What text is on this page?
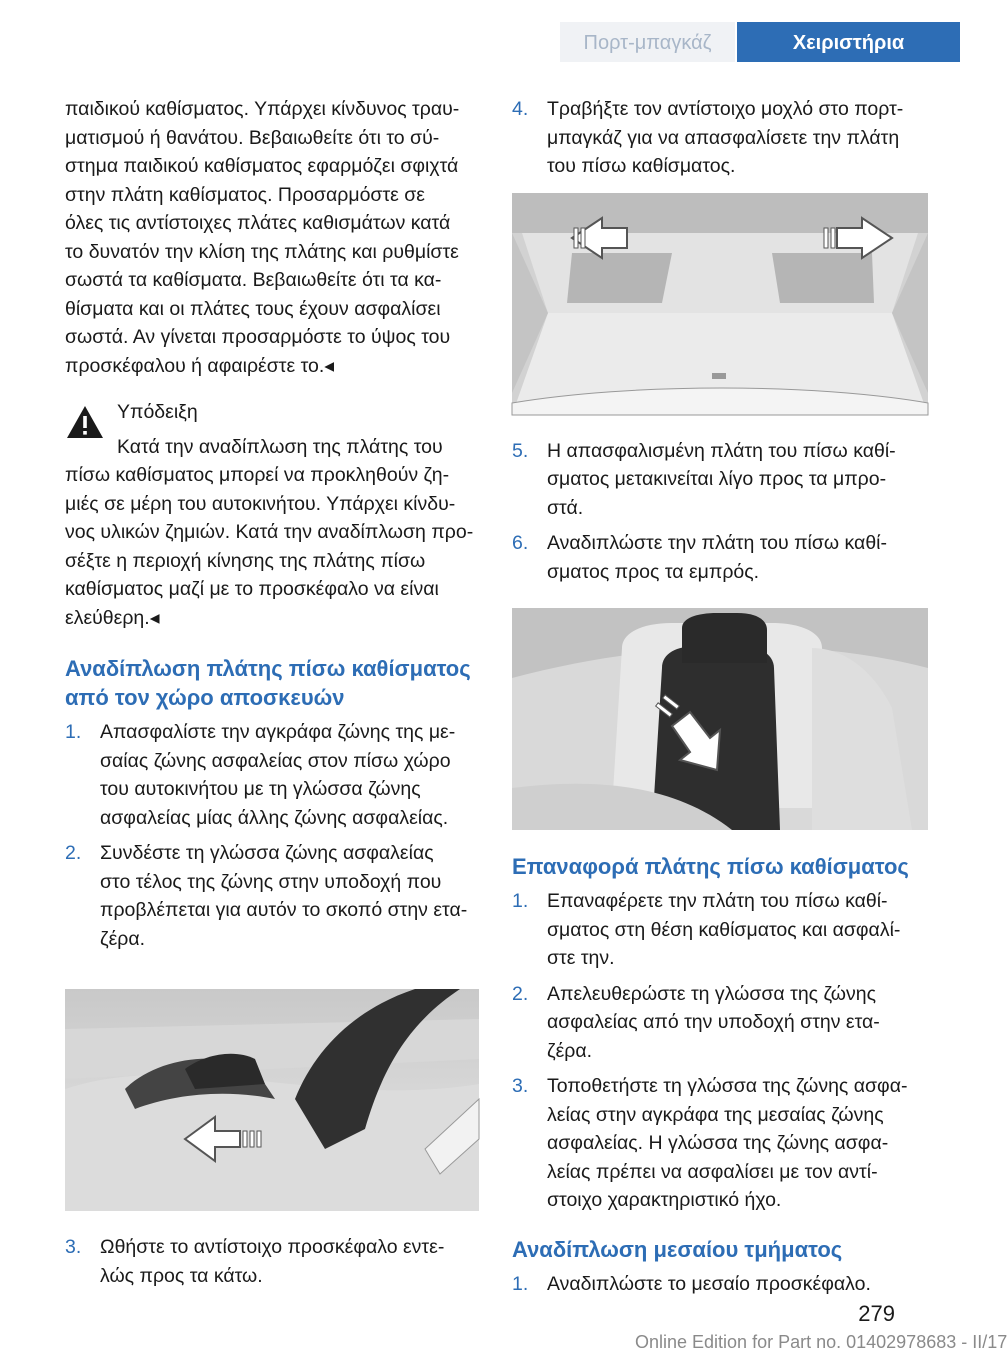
Πορτ-μπαγκάζ	Χειριστήρια

παιδικού καθίσματος. Υπάρχει κίνδυνος τραυ-
ματισμού ή θανάτου. Βεβαιωθείτε ότι το σύ-
στημα παιδικού καθίσματος εφαρμόζει σφιχτά
στην πλάτη καθίσματος. Προσαρμόστε σε
όλες τις αντίστοιχες πλάτες καθισμάτων κατά
το δυνατόν την κλίση της πλάτης και ρυθμίστε
σωστά τα καθίσματα. Βεβαιωθείτε ότι τα κα-
θίσματα και οι πλάτες τους έχουν ασφαλίσει
σωστά. Αν γίνεται προσαρμόστε το ύψος του
προσκέφαλου ή αφαιρέστε το.◂

Υπόδειξη

Κατά την αναδίπλωση της πλάτης του

πίσω καθίσματος μπορεί να προκληθούν ζη-
μιές σε μέρη του αυτοκινήτου. Υπάρχει κίνδυ-
νος υλικών ζημιών. Κατά την αναδίπλωση προ-
σέξτε η περιοχή κίνησης της πλάτης πίσω
καθίσματος μαζί με το προσκέφαλο να είναι
ελεύθερη.◂

Αναδίπλωση πλάτης πίσω καθίσματος από τον χώρο αποσκευών
1. Απασφαλίστε την αγκράφα ζώνης της με-
σαίας ζώνης ασφαλείας στον πίσω χώρο
του αυτοκινήτου με τη γλώσσα ζώνης
ασφαλείας μίας άλλης ζώνης ασφαλείας.
2. Συνδέστε τη γλώσσα ζώνης ασφαλείας
στο τέλος της ζώνης στην υποδοχή που
προβλέπεται για αυτόν το σκοπό στην ετα-
ζέρα.
3. Ωθήστε το αντίστοιχο προσκέφαλο εντε-
λώς προς τα κάτω.
4. Τραβήξτε τον αντίστοιχο μοχλό στο πορτ-
μπαγκάζ για να απασφαλίσετε την πλάτη
του πίσω καθίσματος.
5. Η απασφαλισμένη πλάτη του πίσω καθί-
σματος μετακινείται λίγο προς τα μπρο-
στά.
6. Αναδιπλώστε την πλάτη του πίσω καθί-
σματος προς τα εμπρός.
Επαναφορά πλάτης πίσω καθίσματος
1. Επαναφέρετε την πλάτη του πίσω καθί-
σματος στη θέση καθίσματος και ασφαλί-
στε την.
2. Απελευθερώστε τη γλώσσα της ζώνης
ασφαλείας από την υποδοχή στην ετα-
ζέρα.
3. Τοποθετήστε τη γλώσσα της ζώνης ασφα-
λείας στην αγκράφα της μεσαίας ζώνης
ασφαλείας. Η γλώσσα της ζώνης ασφα-
λείας πρέπει να ασφαλίσει με τον αντί-
στοιχο χαρακτηριστικό ήχο.
Αναδίπλωση μεσαίου τμήματος
1. Αναδιπλώστε το μεσαίο προσκέφαλο.
279
Online Edition for Part no. 01402978683 - II/17
